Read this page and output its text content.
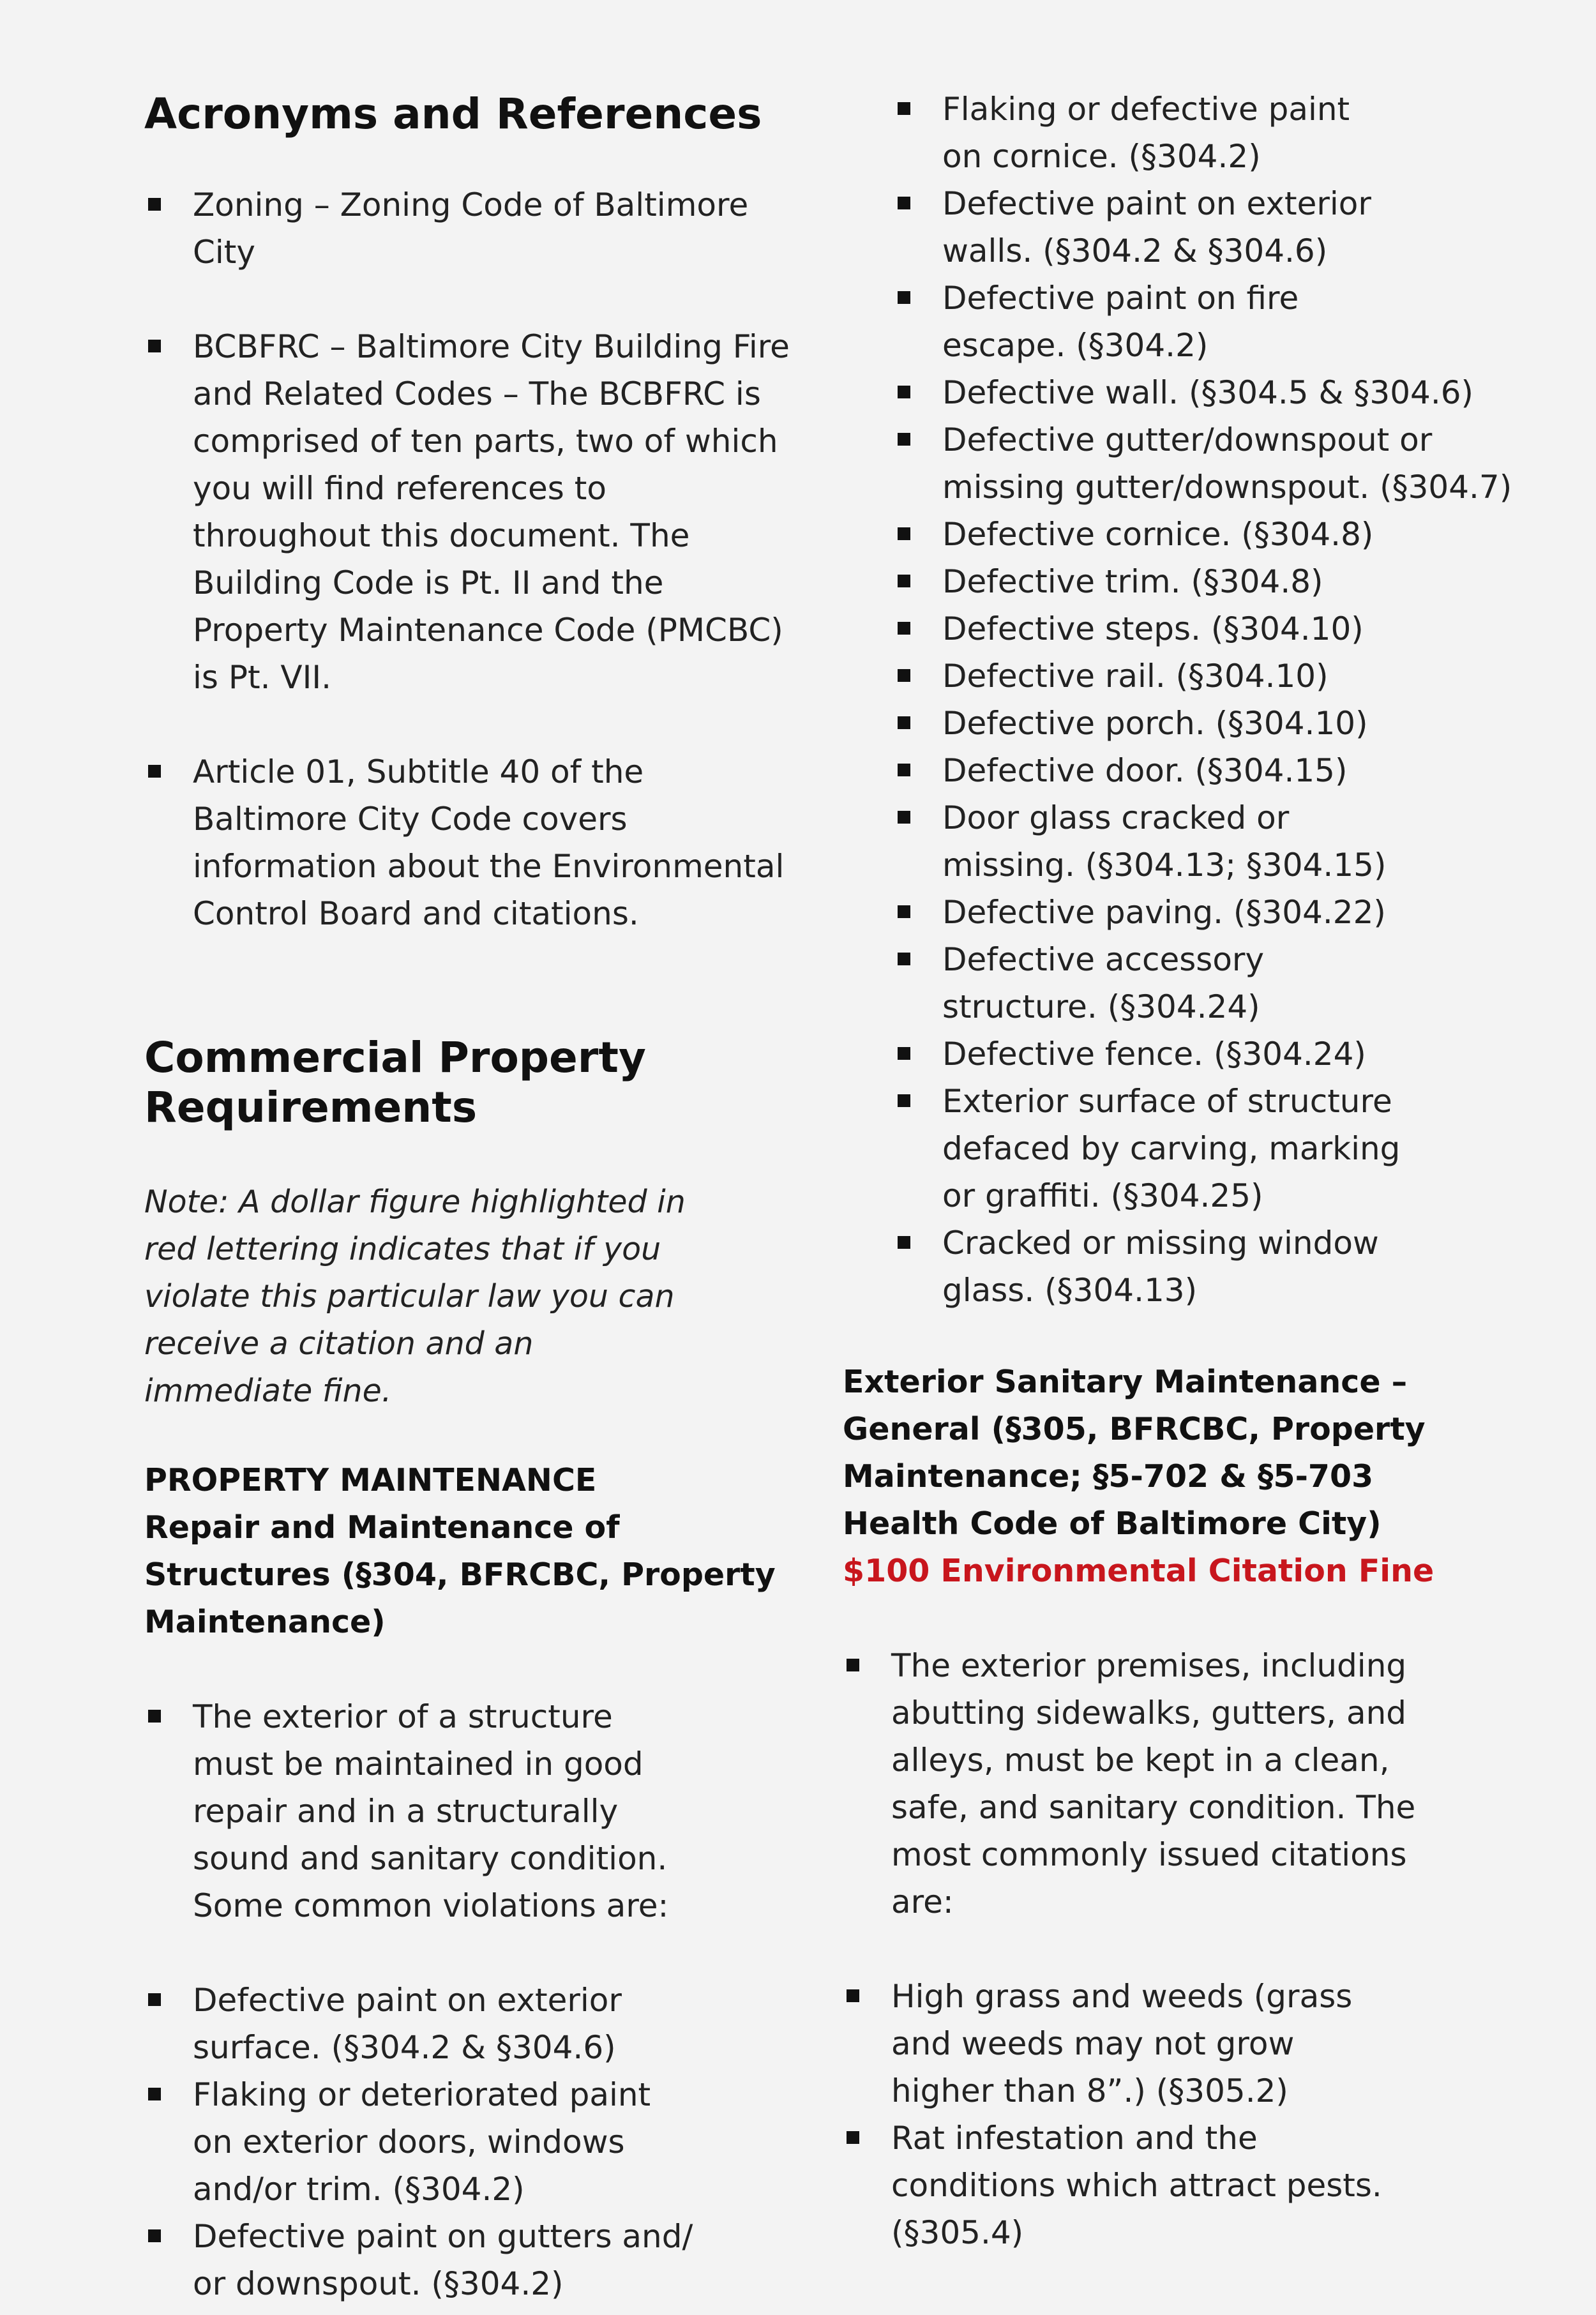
Acronyms and References
Zoning – Zoning Code of Baltimore City
BCBFRC – Baltimore City Building Fire and Related Codes – The BCBFRC is comprised of ten parts, two of which you will find references to throughout this document. The Building Code is Pt. II and the Property Maintenance Code (PMCBC) is Pt. VII.
Article 01, Subtitle 40 of the Baltimore City Code covers information about the Environmental Control Board and citations.
Commercial Property Requirements

Note: A dollar figure highlighted in red lettering indicates that if you violate this particular law you can receive a citation and an immediate fine.

PROPERTY MAINTENANCE

Repair and Maintenance of Structures (§304, BFRCBC, Property Maintenance)

The exterior of a structure must be maintained in good repair and in a structurally sound and sanitary condition. Some common violations are:
Defective paint on exterior surface. (§304.2 & §304.6)
Flaking or deteriorated paint on exterior doors, windows and/or trim. (§304.2)
Defective paint on gutters and/ or downspout. (§304.2)
Flaking or defective paint on cornice. (§304.2)
Defective paint on exterior walls. (§304.2 & §304.6)
Defective paint on fire escape. (§304.2)
Defective wall. (§304.5 & §304.6)
Defective gutter/downspout or missing gutter/downspout. (§304.7)
Defective cornice. (§304.8)
Defective trim. (§304.8)
Defective steps. (§304.10)
Defective rail. (§304.10)
Defective porch. (§304.10)
Defective door. (§304.15)
Door glass cracked or missing. (§304.13; §304.15)
Defective paving. (§304.22)
Defective accessory structure. (§304.24)
Defective fence. (§304.24)
Exterior surface of structure defaced by carving, marking or graffiti. (§304.25)
Cracked or missing window glass. (§304.13)

Exterior Sanitary Maintenance – General (§305, BFRCBC, Property Maintenance; §5-702 & §5-703 Health Code of Baltimore City)

$100 Environmental Citation Fine

The exterior premises, including abutting sidewalks, gutters, and alleys, must be kept in a clean, safe, and sanitary condition. The most commonly issued citations are:
High grass and weeds (grass and weeds may not grow higher than 8”.) (§305.2)
Rat infestation and the conditions which attract pests. (§305.4)
